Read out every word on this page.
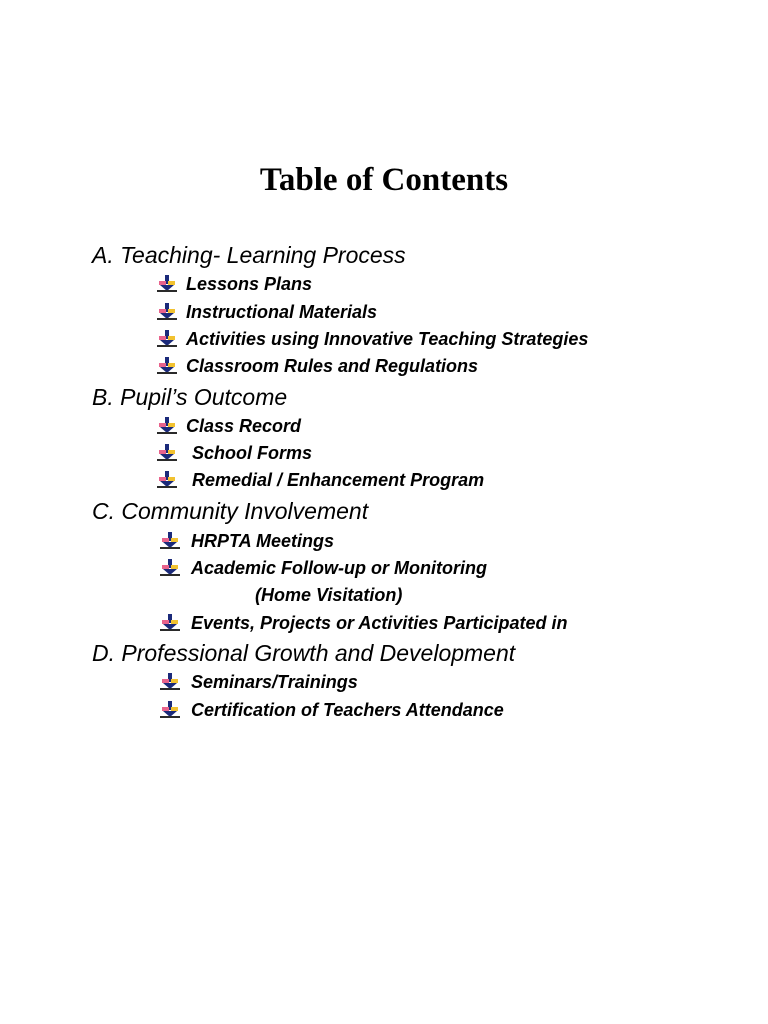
Table of Contents
A. Teaching- Learning Process
Lessons Plans
Instructional Materials
Activities using Innovative Teaching Strategies
Classroom Rules and Regulations
B. Pupil’s Outcome
Class Record
School Forms
Remedial / Enhancement Program
C. Community Involvement
HRPTA Meetings
Academic Follow-up or Monitoring
(Home Visitation)
Events, Projects or Activities Participated in
D. Professional Growth and Development
Seminars/Trainings
Certification of Teachers Attendance
